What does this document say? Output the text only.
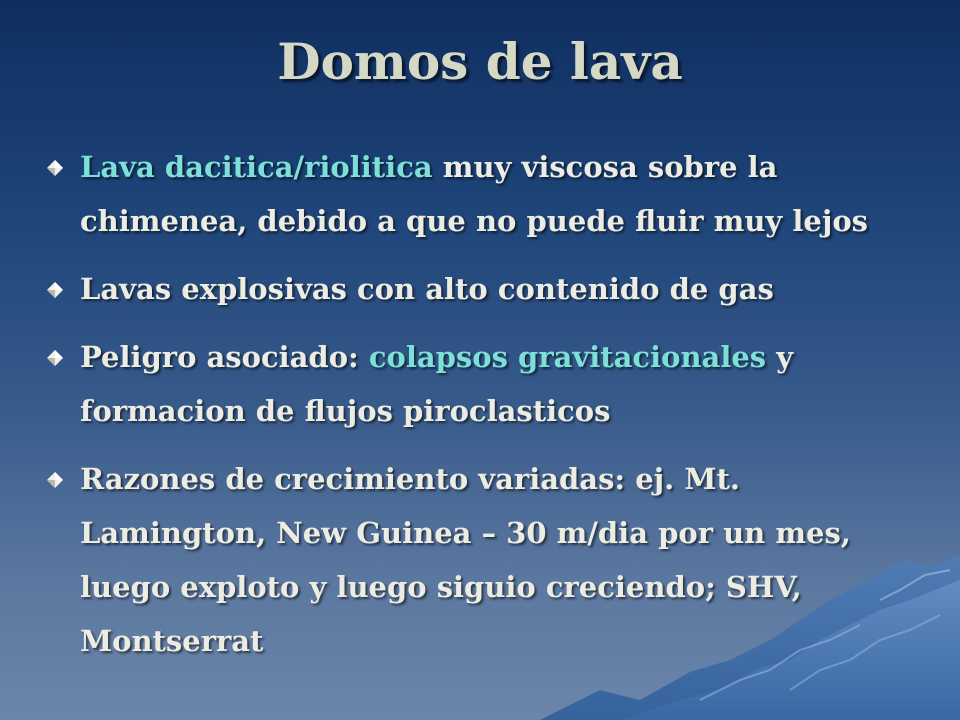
Domos de lava
Lava dacitica/riolitica muy viscosa sobre la chimenea, debido a que no puede fluir muy lejos
Lavas explosivas con alto contenido de gas
Peligro asociado: colapsos gravitacionales y formacion de flujos piroclasticos
Razones de crecimiento variadas: ej. Mt. Lamington, New Guinea – 30 m/dia por un mes, luego exploto y luego siguio creciendo; SHV, Montserrat
